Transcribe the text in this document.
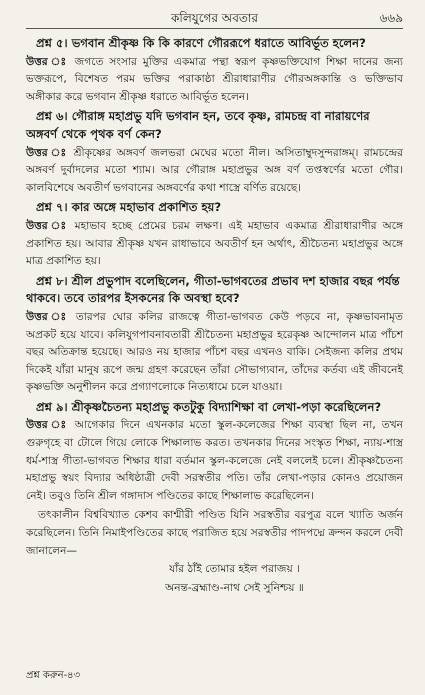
কলিযুগের অবতার	৬৬৯
প্রশ্ন ৫। ভগবান শ্রীকৃষ্ণ কি কি কারণে গৌররূপে ধরাতে আবির্ভূত হলেন?
উত্তর ঃ জগতে সংসার মুক্তির একমাত্র পন্থা স্বরূপ কৃষ্ণভক্তিযোগ শিক্ষা দানের জন্য ভক্তরূপে, বিশেষত পরম ভক্তির পরাকাষ্ঠা শ্রীরাধারাণীর গৌরঅঙ্গকান্তি ও ভক্তিভাব অঙ্গীকার করে ভগবান শ্রীকৃষ্ণ ধরাতে আবির্ভূত হলেন।
প্রশ্ন ৬। গৌরাঙ্গ মহাপ্রভু যদি ভগবান হন, তবে কৃষ্ণ, রামচন্দ্র বা নারায়ণের অঙ্গবর্ণ থেকে পৃথক বর্ণ কেন?
উত্তর ঃ শ্রীকৃষ্ণের অঙ্গবর্ণ জলভরা মেঘের মতো নীল। অসিতাম্বুদসুন্দরাঙ্গম্। রামচন্দ্রের অঙ্গবর্ণ দুর্বাদলের মতো শ্যাম। আর গৌরাঙ্গ মহাপ্রভুর অঙ্গ বর্ণ তপ্তস্বর্ণের মতো গৌর। কালবিশেষে অবতীর্ণ ভগবানের অঙ্গবর্ণের কথা শাস্ত্রে বর্ণিত রয়েছে।
প্রশ্ন ৭। কার অঙ্গে মহাভাব প্রকাশিত হয়?
উত্তর ঃ মহাভাব হচ্ছে প্রেমের চরম লক্ষণ। এই মহাভাব একমাত্র শ্রীরাধারাণীর অঙ্গে প্রকাশিত হয়। আবার শ্রীকৃষ্ণ যখন রাধাভাবে অবতীর্ণ হন অর্থাৎ, শ্রীচৈতন্য মহাপ্রভুর অঙ্গে মাত্র প্রকাশিত হয়।
প্রশ্ন ৮। শ্রীল প্রভুপাদ বলেছিলেন, গীতা-ভাগবতের প্রভাব দশ হাজার বছর পর্যন্ত থাকবে। তবে তারপর ইসকনের কি অবস্থা হবে?
উত্তর ঃ তারপর ঘোর কলির রাজত্বে গীতা-ভাগবত কেউ পড়বে না, কৃষ্ণভাবনামৃত অপ্রকট হয়ে যাবে। কলিযুগপাবনাবতারী শ্রীচৈতন্য মহাপ্রভুর হরেকৃষ্ণ আন্দোলন মাত্র পাঁচশ বছর অতিক্রান্ত হয়েছে। আরও নয় হাজার পাঁচশ বছর এখনও বাকি। সেইজন্য কলির প্রথম দিকেই যাঁরা মানুষ রূপে জন্ম গ্রহণ করেছেন তাঁরা সৌভাগ্যবান, তাঁদের কর্তব্য এই জীবনেই কৃষ্ণভক্তি অনুশীলন করে প্রগ্যাণলোকে নিত্যধামে চলে যাওয়া।
প্রশ্ন ৯। শ্রীকৃষ্ণচৈতন্য মহাপ্রভু কতটুকু বিদ্যাশিক্ষা বা লেখা-পড়া করেছিলেন?
উত্তর ঃ আগেকার দিনে এখনকার মতো স্কুল-কলেজের শিক্ষা ব্যবস্থা ছিল না, তখন গুরুগৃহে বা টোলে গিয়ে লোকে শিক্ষালাভ করত। তখনকার দিনের সংস্কৃত শিক্ষা, ন্যায়-শাস্ত্র ধর্ম-শাস্ত্র গীতা-ভাগবত শিক্ষার ধারা বর্তমান স্কুল-কলেজে নেই বললেই চলে। শ্রীকৃষ্ণচৈতন্য মহাপ্রভু স্বয়ং বিদ্যার অধিষ্ঠাত্রী দেবী সরস্বতীর পতি। তাঁর লেখা-পড়ার কোনও প্রয়োজন নেই। তবুও তিনি শ্রীল গঙ্গাদাস পণ্ডিতের কাছে শিক্ষালাভ করেছিলেন।
তৎকালীন বিশ্ববিখ্যাত কেশব কাশ্মীরী পণ্ডিত যিনি সরস্বতীর বরপুত্র বলে খ্যাতি অর্জন করেছিলেন। তিনি নিমাইপণ্ডিতের কাছে পরাজিত হয়ে সরস্বতীর পাদপদ্মে ক্রন্দন করলে দেবী জানালেন—
যাঁর ঠাঁই তোমার হইল পরাজয় ।
অনন্ত-ব্রহ্মাণ্ড-নাথ সেই সুনিশ্চয় ॥
প্রশ্ন করুন-৪৩
